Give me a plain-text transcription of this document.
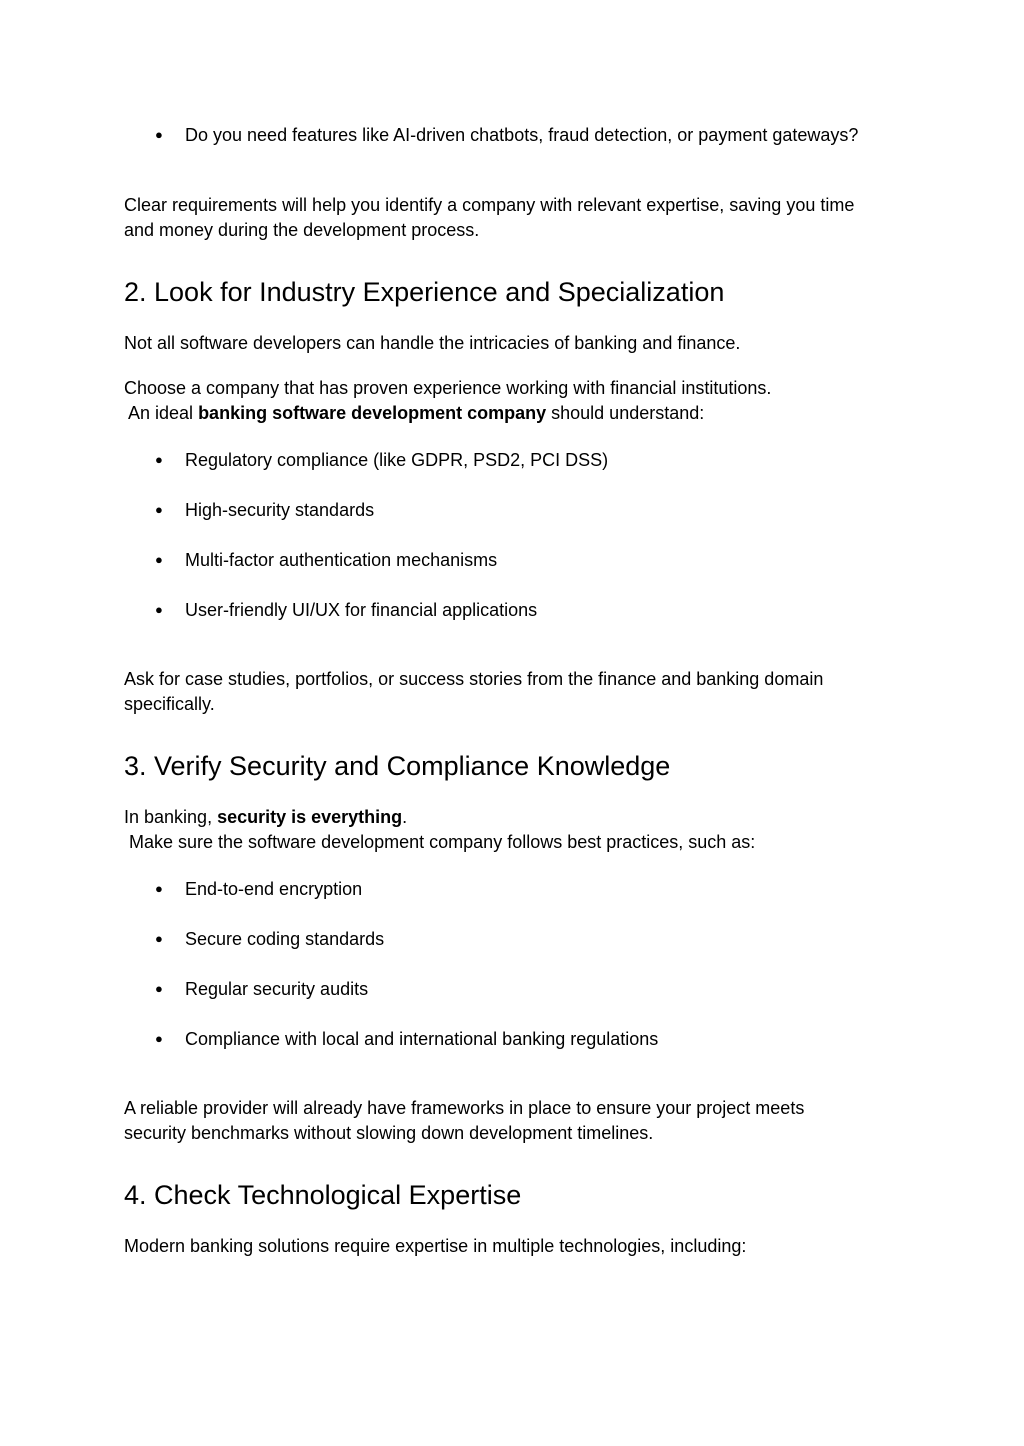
● Do you need features like AI-driven chatbots, fraud detection, or payment gateways?
Clear requirements will help you identify a company with relevant expertise, saving you time
and money during the development process.
2. Look for Industry Experience and Specialization
Not all software developers can handle the intricacies of banking and finance.
Choose a company that has proven experience working with financial institutions.
An ideal banking software development company should understand:
● Regulatory compliance (like GDPR, PSD2, PCI DSS)
● High-security standards
● Multi-factor authentication mechanisms
● User-friendly UI/UX for financial applications
Ask for case studies, portfolios, or success stories from the finance and banking domain
specifically.
3. Verify Security and Compliance Knowledge
In banking, security is everything.
Make sure the software development company follows best practices, such as:
● End-to-end encryption
● Secure coding standards
● Regular security audits
● Compliance with local and international banking regulations
A reliable provider will already have frameworks in place to ensure your project meets
security benchmarks without slowing down development timelines.
4. Check Technological Expertise
Modern banking solutions require expertise in multiple technologies, including:
